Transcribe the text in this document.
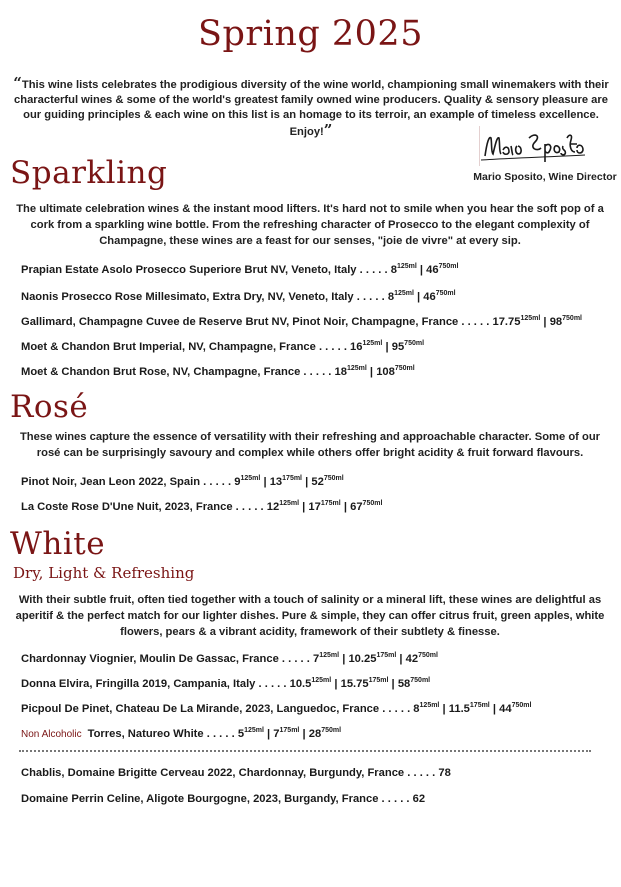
Spring 2025
“This wine lists celebrates the prodigious diversity of the wine world, championing small winemakers with their characterful wines & some of the world's greatest family owned wine producers. Quality & sensory pleasure are our guiding principles & each wine on this list is an homage to its terroir, an example of timeless excellence. Enjoy!”
Mario Sposito, Wine Director
Sparkling
The ultimate celebration wines & the instant mood lifters. It's hard not to smile when you hear the soft pop of a cork from a sparkling wine bottle. From the refreshing character of Prosecco to the elegant complexity of Champagne, these wines are a feast for our senses, "joie de vivre" at every sip.
Prapian Estate Asolo Prosecco Superiore Brut NV, Veneto, Italy . . . . . $8^{125ml}$ | $46^{750ml}$
Naonis Prosecco Rose Millesimato, Extra Dry, NV, Veneto, Italy . . . . . $8^{125ml}$ | $46^{750ml}$
Gallimard, Champagne Cuvee de Reserve Brut NV, Pinot Noir, Champagne, France . . . . . $17.75^{125ml}$ | $98^{750ml}$
Moet & Chandon Brut Imperial, NV, Champagne, France . . . . . $16^{125ml}$ | $95^{750ml}$
Moet & Chandon Brut Rose, NV, Champagne, France . . . . . $18^{125ml}$ | $108^{750ml}$
Rosé
These wines capture the essence of versatility with their refreshing and approachable character. Some of our rosé can be surprisingly savoury and complex while others offer bright acidity & fruit forward flavours.
Pinot Noir, Jean Leon 2022, Spain . . . . . $9^{125ml}$ | $13^{175ml}$ | $52^{750ml}$
La Coste Rose D'Une Nuit, 2023, France . . . . . $12^{125ml}$ | $17^{175ml}$ | $67^{750ml}$
White
Dry, Light & Refreshing
With their subtle fruit, often tied together with a touch of salinity or a mineral lift, these wines are delightful as aperitif & the perfect match for our lighter dishes. Pure & simple, they can offer citrus fruit, green apples, white flowers, pears & a vibrant acidity, framework of their subtlety & finesse.
Chardonnay Viognier, Moulin De Gassac, France . . . . . $7^{125ml}$ | $10.25^{175ml}$ | $42^{750ml}$
Donna Elvira, Fringilla 2019, Campania, Italy . . . . . $10.5^{125ml}$ | $15.75^{175ml}$ | $58^{750ml}$
Picpoul De Pinet, Chateau De La Mirande, 2023, Languedoc, France . . . . . $8^{125ml}$ | $11.5^{175ml}$ | $44^{750ml}$
Non Alcoholic Torres, Natureo White . . . . . $5^{125ml}$ | $7^{175ml}$ | $28^{750ml}$
Chablis, Domaine Brigitte Cerveau 2022, Chardonnay, Burgundy, France . . . . . 78
Domaine Perrin Celine, Aligote Bourgogne, 2023, Burgandy, France . . . . . 62
